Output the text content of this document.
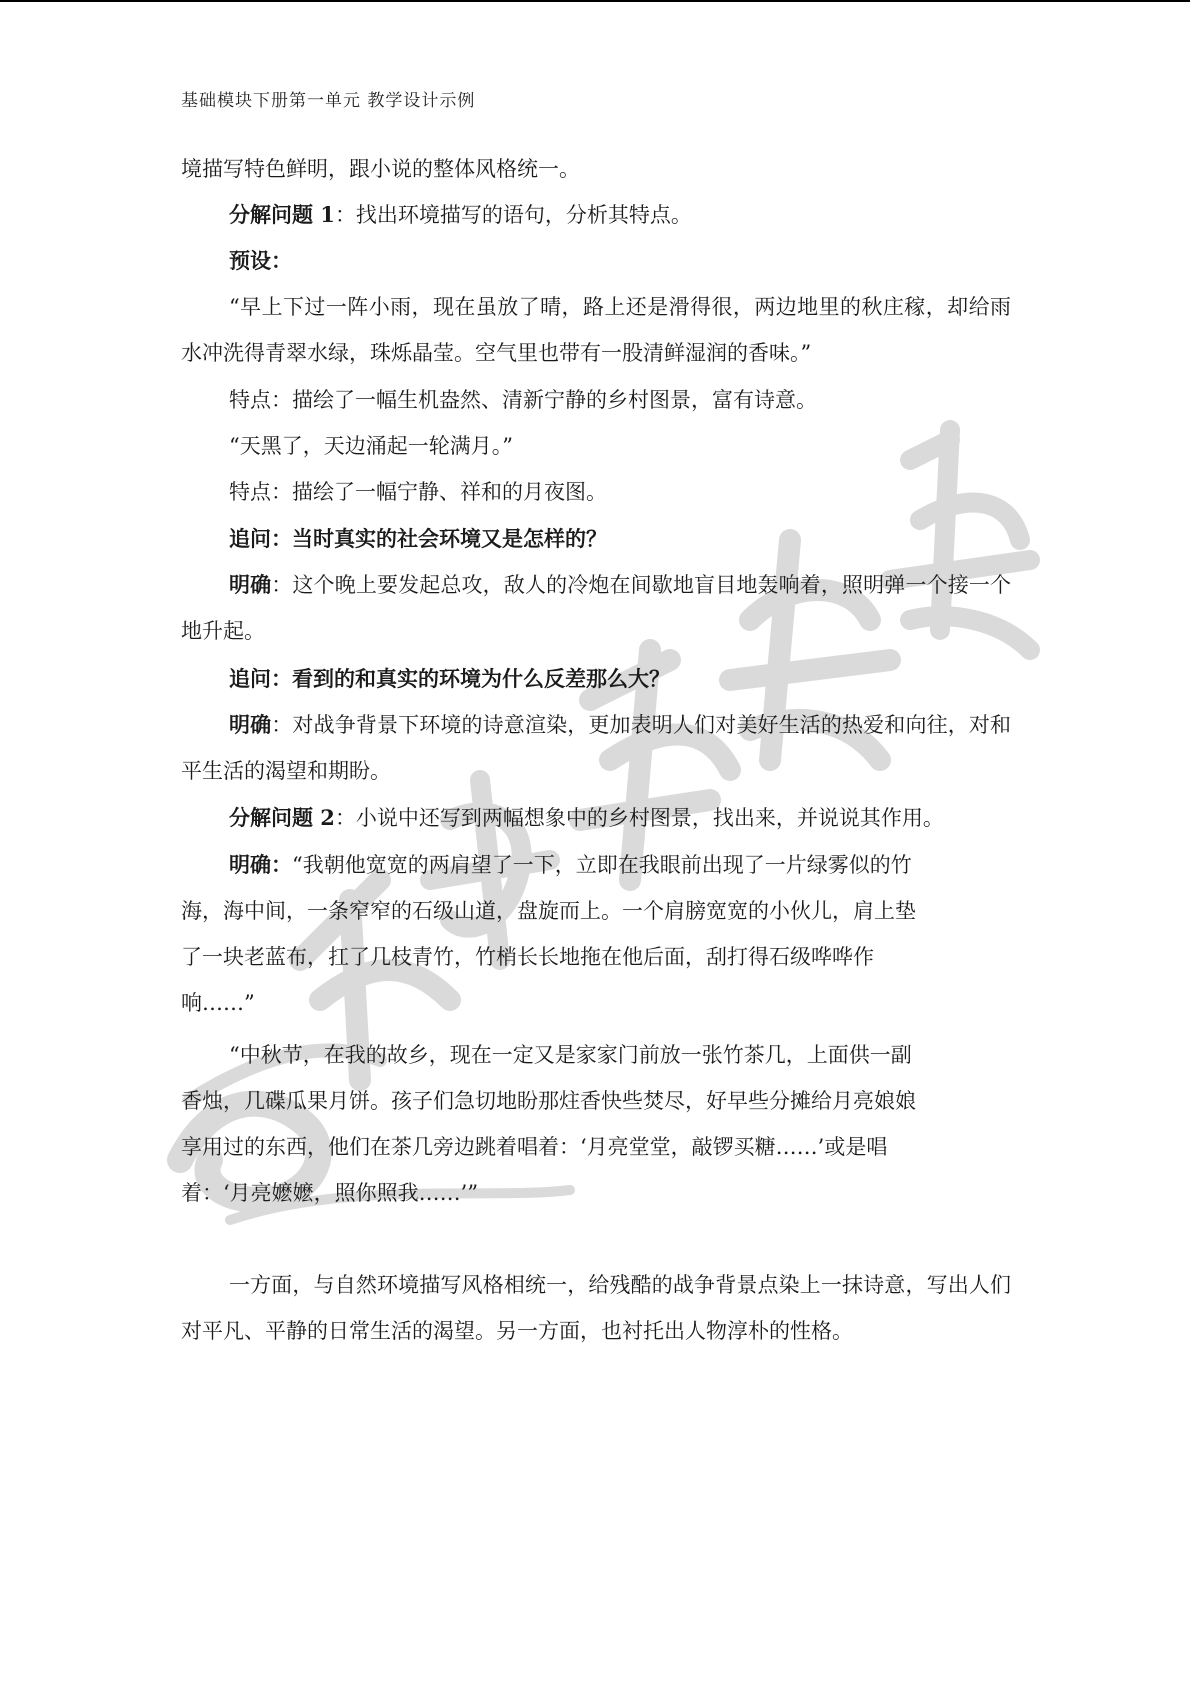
基础模块下册第一单元 教学设计示例
境描写特色鲜明，跟小说的整体风格统一。
分解问题 1：找出环境描写的语句，分析其特点。
预设：
“早上下过一阵小雨，现在虽放了晴，路上还是滑得很，两边地里的秋庄稼，却给雨水冲洗得青翠水绿，珠烁晶莹。空气里也带有一股清鲜湿润的香味。”
特点：描绘了一幅生机盎然、清新宁静的乡村图景，富有诗意。
“天黑了，天边涌起一轮满月。”
特点：描绘了一幅宁静、祥和的月夜图。
追问：当时真实的社会环境又是怎样的？
明确：这个晚上要发起总攻，敌人的冷炮在间歇地盲目地轰响着，照明弹一个接一个地升起。
追问：看到的和真实的环境为什么反差那么大？
明确：对战争背景下环境的诗意渲染，更加表明人们对美好生活的热爱和向往，对和平生活的渴望和期盼。
分解问题 2：小说中还写到两幅想象中的乡村图景，找出来，并说说其作用。
明确：“我朝他宽宽的两肩望了一下，立即在我眼前出现了一片绿雾似的竹
海，海中间，一条窄窄的石级山道，盘旋而上。一个肩膀宽宽的小伙儿，肩上垫
了一块老蓝布，扛了几枝青竹，竹梢长长地拖在他后面，刮打得石级哗哗作
响……”
“中秋节，在我的故乡，现在一定又是家家门前放一张竹茶几，上面供一副
香烛，几碟瓜果月饼。孩子们急切地盼那炷香快些焚尽，好早些分摊给月亮娘娘
享用过的东西，他们在茶几旁边跳着唱着：‘月亮堂堂，敲锣买糖……’或是唱
着：‘月亮嬷嬷，照你照我……’”
一方面，与自然环境描写风格相统一，给残酷的战争背景点染上一抹诗意，写出人们对平凡、平静的日常生活的渴望。另一方面，也衬托出人物淳朴的性格。
